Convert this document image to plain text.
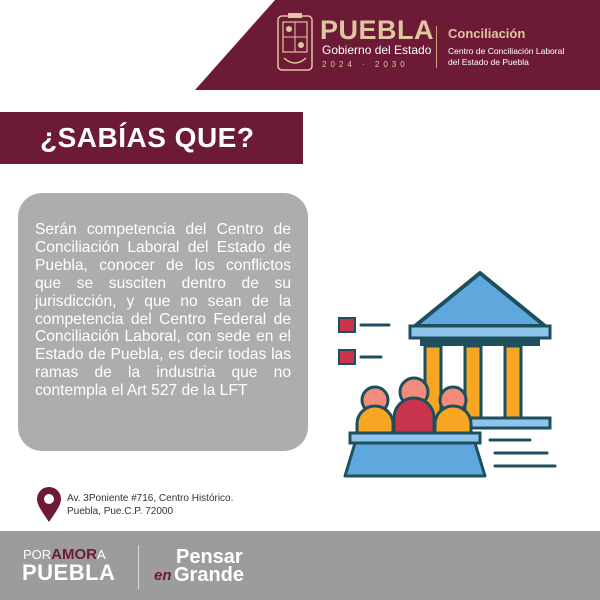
PUEBLA
Gobierno del Estado
2024 · 2030
Conciliación
Centro de Conciliación Laboral
del Estado de Puebla
¿SABÍAS QUE?
Serán competencia del Centro de Conciliación Laboral del Estado de Puebla, conocer de los conflictos que se susciten dentro de su jurisdicción, y que no sean de la competencia del Centro Federal de Conciliación Laboral, con sede en el Estado de Puebla, es decir todas las ramas de la industria que no contempla el Art 527 de la LFT
Av. 3Poniente #716, Centro Histórico.
Puebla, Pue.C.P. 72000
PORAMORA
PUEBLA
Pensar
en Grande
